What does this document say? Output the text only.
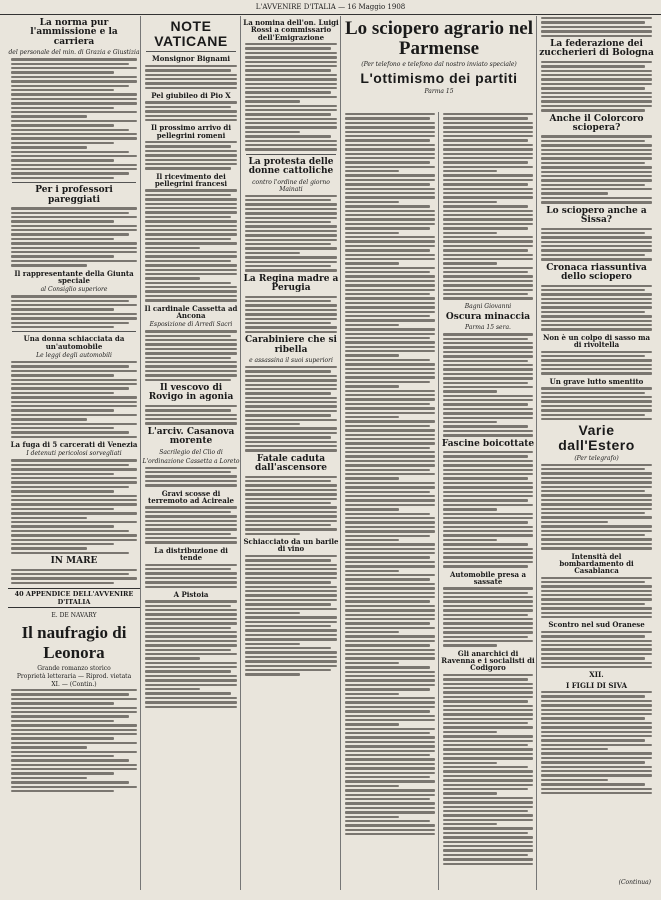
L'AVVENIRE D'ITALIA — 16 Maggio 1908
La norma pur l'ammissione e la carriera
del personale del min. di Grazia e Giustizia
Per i professori pareggiati
Il rappresentante della Giunta speciale
al Consiglio superiore
Una donna schiacciata da un'automobile
Le leggi degli automobili
La fuga di 5 carcerati di Venezia
I detenuti pericolosi sorvegliati
IN MARE
40 APPENDICE DELL'AVVENIRE D'ITALIA
E. DE NAVARY
Il naufragio di Leonora
Grande romanzo storico
Proprietà letteraria — Riprod. vietata
XI. — (Contin.)
NOTE VATICANE
Monsignor Bignami
Pel giubileo di Pio X
Il prossimo arrivo di pellegrini romeni
Il ricevimento dei pellegrini francesi
Il cardinale Cassetta ad Ancona
Esposizione di Arredi Sacri
Il vescovo di Rovigo in agonia
L'arciv. Casanova morente
Sacrilegio del Clio di
L'ordinazione Cassetta a Loreto
Gravi scosse di terremoto ad Acireale
La distribuzione di tende
A Pistoia
La nomina dell'on. Luigi Rossi a commissario dell'Emigrazione
La protesta delle donne cattoliche
contro l'ordine del giorno Mainati
La Regina madre a Perugia
Carabiniere che si ribella
e assassina il suoi superiori
Fatale caduta dall'ascensore
Schiacciato da un barile di vino
Lo sciopero agrario nel Parmense
(Per telefono e telefono dal nostro inviato speciale)
L'ottimismo dei partiti
Parma 15
Bagni Giovanni
Oscura minaccia
Parma 15 sera.
Fascine boicottate
Automobile presa a sassate
Gli anarchici di Ravenna e i socialisti di Codigoro
La federazione dei zuccherieri di Bologna
Anche il Colorcoro sciopera?
Lo sciopero anche a Sissa?
Cronaca riassuntiva dello sciopero
Non è un colpo di sasso ma di rivoltella
Un grave lutto smentito
Varie dall'Estero
(Per telegrafo)
Intensità del bombardamento di Casablanca
Scontro nel sud Oranese
XII.
I FIGLI DI SIVA
(Continua)
